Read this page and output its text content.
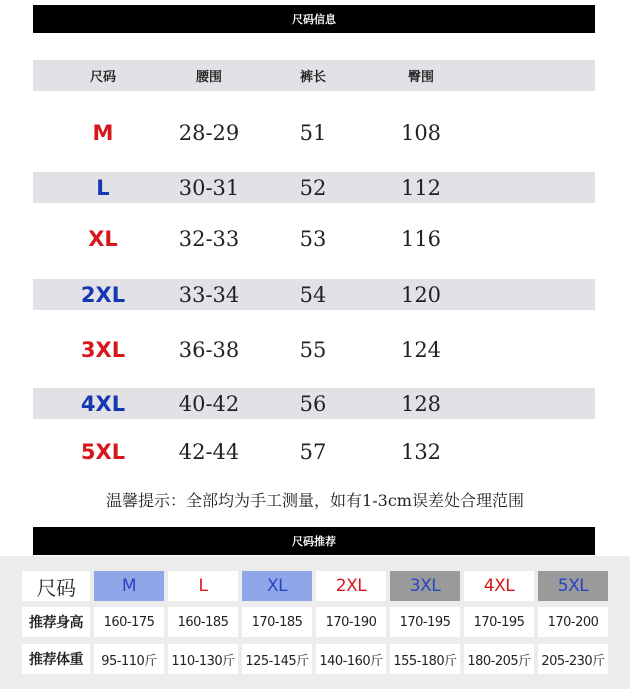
尺码信息
尺码	腰围	裤长	臀围
M	28-29	51	108
L	30-31	52	112
XL	32-33	53	116
2XL	33-34	54	120
3XL	36-38	55	124
4XL	40-42	56	128
5XL	42-44	57	132
温馨提示：全部均为手工测量，如有1-3cm误差处合理范围
尺码推荐
尺码	M	L	XL	2XL	3XL	4XL	5XL
推荐身高	160-175	160-185	170-185	170-190	170-195	170-195	170-200
推荐体重	95-110斤	110-130斤 125-145斤 140-160斤 155-180斤 180-205斤 205-230斤
